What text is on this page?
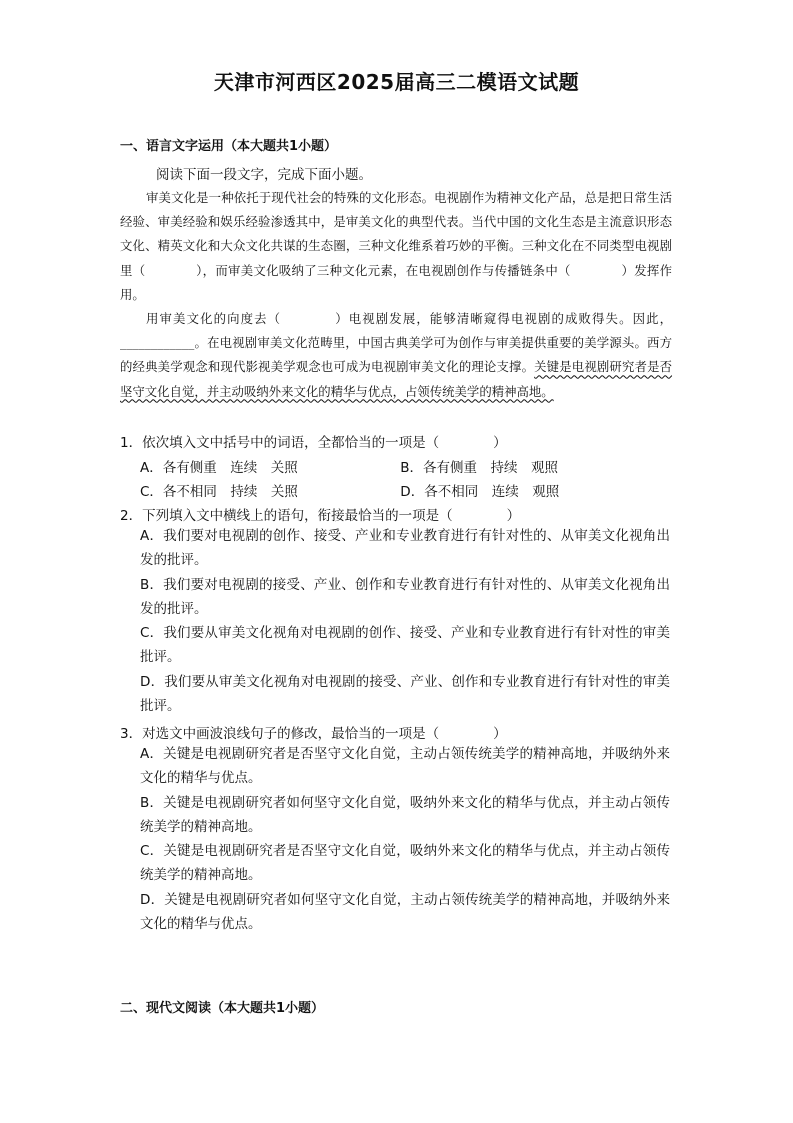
天津市河西区2025届高三二模语文试题
一、语言文字运用（本大题共1小题）
阅读下面一段文字，完成下面小题。

审美文化是一种依托于现代社会的特殊的文化形态。电视剧作为精神文化产品，总是把日常生活经验、审美经验和娱乐经验渗透其中，是审美文化的典型代表。当代中国的文化生态是主流意识形态文化、精英文化和大众文化共谋的生态圈，三种文化维系着巧妙的平衡。三种文化在不同类型电视剧里（　　　　），而审美文化吸纳了三种文化元素，在电视剧创作与传播链条中（　　　　）发挥作用。

用审美文化的向度去（　　　　）电视剧发展，能够清晰窥得电视剧的成败得失。因此，____________。在电视剧审美文化范畴里，中国古典美学可为创作与审美提供重要的美学源头。西方的经典美学观念和现代影视美学观念也可成为电视剧审美文化的理论支撑。关键是电视剧研究者是否坚守文化自觉，并主动吸纳外来文化的精华与优点，占领传统美学的精神高地。

1．依次填入文中括号中的词语，全都恰当的一项是（　　　　）
A．各有侧重　连续　关照	B．各有侧重　持续　观照
C．各不相同　持续　关照	D．各不相同　连续　观照
2．下列填入文中横线上的语句，衔接最恰当的一项是（　　　　）
A．我们要对电视剧的创作、接受、产业和专业教育进行有针对性的、从审美文化视角出发的批评。
B．我们要对电视剧的接受、产业、创作和专业教育进行有针对性的、从审美文化视角出发的批评。
C．我们要从审美文化视角对电视剧的创作、接受、产业和专业教育进行有针对性的审美批评。
D．我们要从审美文化视角对电视剧的接受、产业、创作和专业教育进行有针对性的审美批评。
3．对选文中画波浪线句子的修改，最恰当的一项是（　　　　）
A．关键是电视剧研究者是否坚守文化自觉，主动占领传统美学的精神高地，并吸纳外来文化的精华与优点。
B．关键是电视剧研究者如何坚守文化自觉，吸纳外来文化的精华与优点，并主动占领传统美学的精神高地。
C．关键是电视剧研究者是否坚守文化自觉，吸纳外来文化的精华与优点，并主动占领传统美学的精神高地。
D．关键是电视剧研究者如何坚守文化自觉，主动占领传统美学的精神高地，并吸纳外来文化的精华与优点。
二、现代文阅读（本大题共1小题）
